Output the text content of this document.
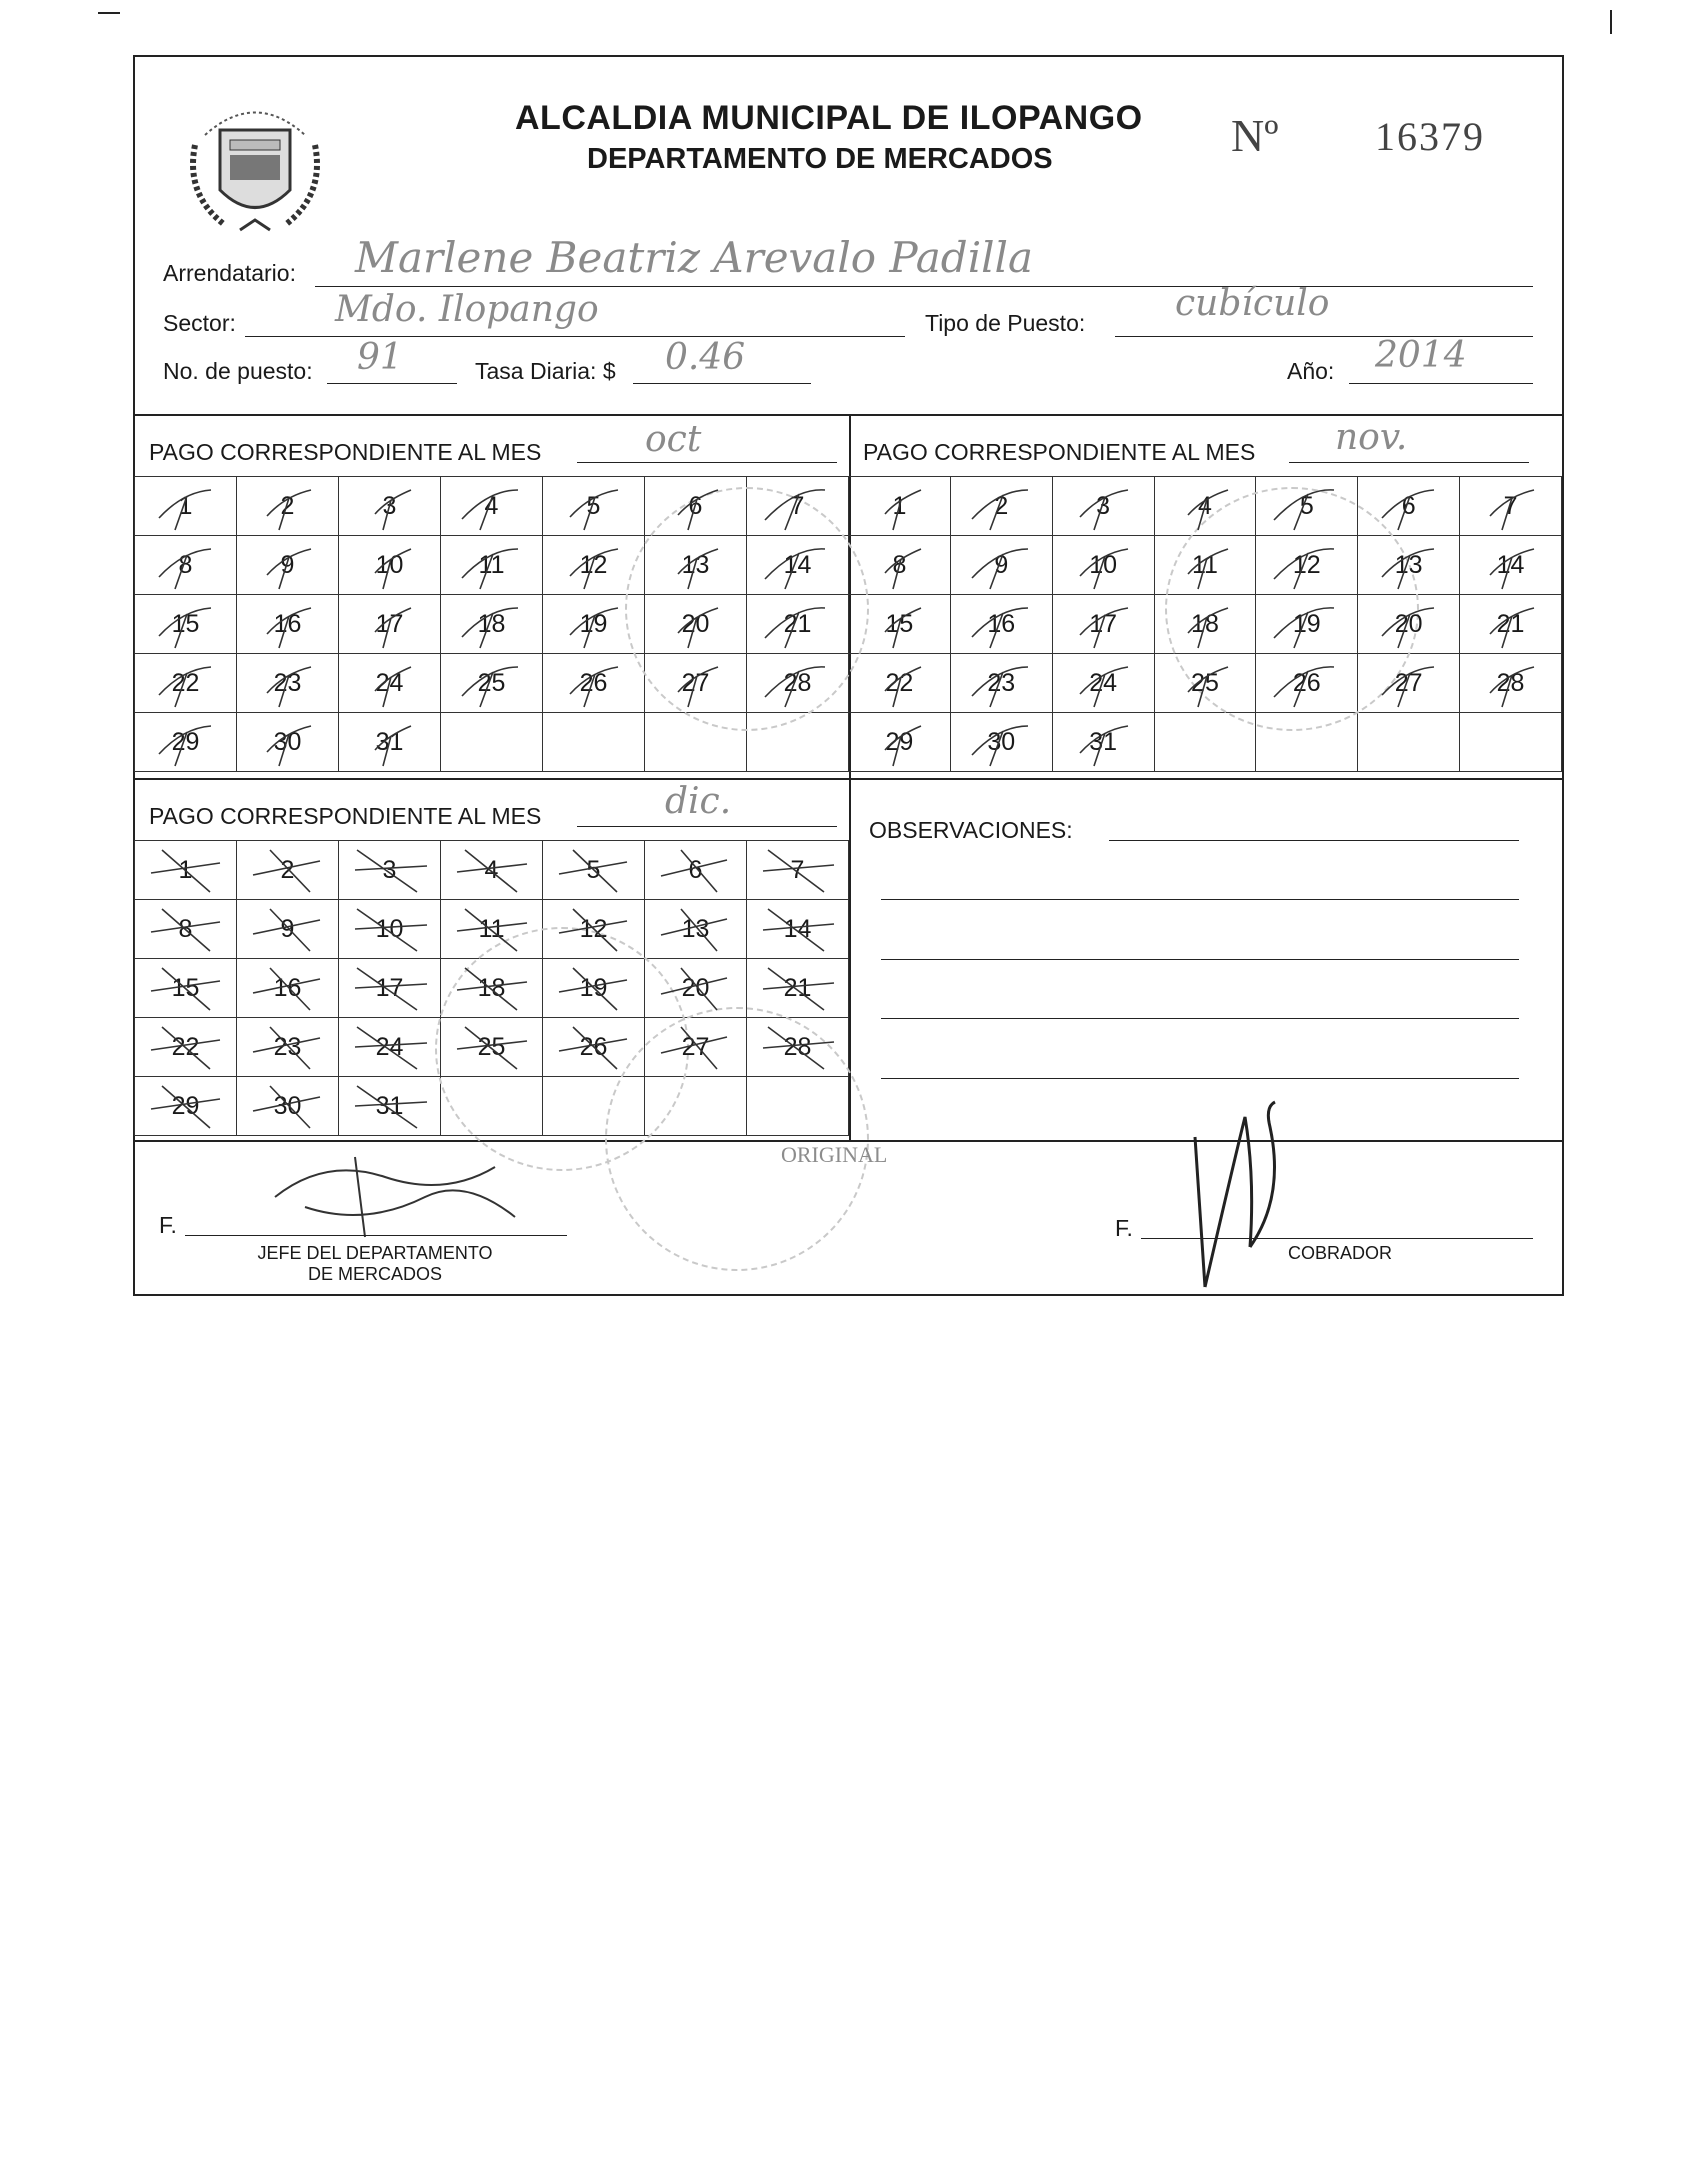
ALCALDIA MUNICIPAL DE ILOPANGO
DEPARTAMENTO DE MERCADOS	Nº 16379
Arrendatario: Marlene Beatriz Arevalo Padilla
Sector:	Mdo. Ilopango	Tipo de Puesto: cubículo
No. de puesto: 91	Tasa Diaria: $ 0.46	Año: 2014
PAGO CORRESPONDIENTE AL MES	oct
1	2	3	4	5	6	7

8	9	10	11	12	13	14

15	16	17	18	19	20	21

22	23	24	25	26	27	28

29	30	31

PAGO CORRESPONDIENTE AL MES nov.
1	2	3	4	5	6	7

8	9	10	11	12	13	14

15	16	17	18	19	20	21

22	23	24	25	26	27	28

29	30	31

PAGO CORRESPONDIENTE AL MES	dic.
1	2	3	4	5	6	7

8	9	10	11	12	13	14

15	16	17	18	19	20	21

22	23	24	25	26	27	28

29	30	31

OBSERVACIONES:
ORIGINAL
F.
JEFE DEL DEPARTAMENTO
DE MERCADOS
F.
COBRADOR
